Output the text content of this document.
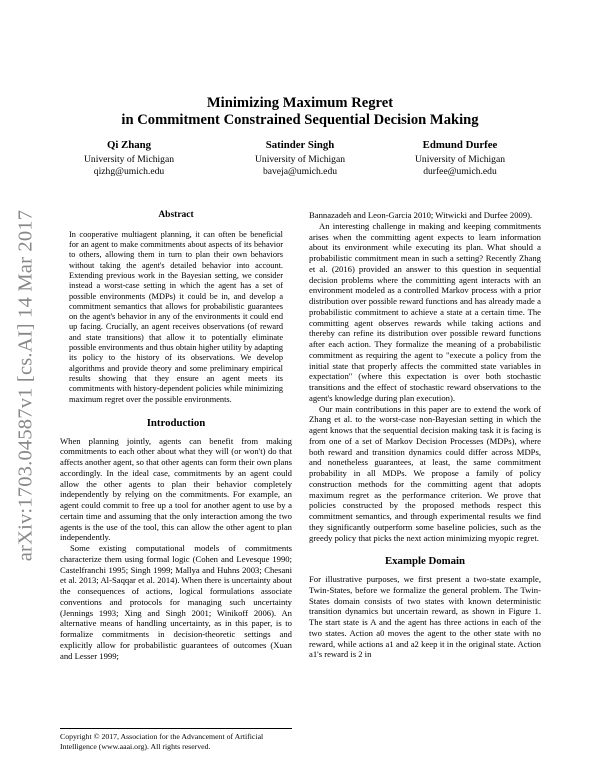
arXiv:1703.04587v1 [cs.AI] 14 Mar 2017
Minimizing Maximum Regret
in Commitment Constrained Sequential Decision Making
Qi Zhang
University of Michigan
qizhg@umich.edu
Satinder Singh
University of Michigan
baveja@umich.edu
Edmund Durfee
University of Michigan
durfee@umich.edu
Abstract

In cooperative multiagent planning, it can often be beneficial for an agent to make commitments about aspects of its behavior to others, allowing them in turn to plan their own behaviors without taking the agent's detailed behavior into account. Extending previous work in the Bayesian setting, we consider instead a worst-case setting in which the agent has a set of possible environments (MDPs) it could be in, and develop a commitment semantics that allows for probabilistic guarantees on the agent's behavior in any of the environments it could end up facing. Crucially, an agent receives observations (of reward and state transitions) that allow it to potentially eliminate possible environments and thus obtain higher utility by adapting its policy to the history of its observations. We develop algorithms and provide theory and some preliminary empirical results showing that they ensure an agent meets its commitments with history-dependent policies while minimizing maximum regret over the possible environments.

Introduction

When planning jointly, agents can benefit from making commitments to each other about what they will (or won't) do that affects another agent, so that other agents can form their own plans accordingly. In the ideal case, commitments by an agent could allow the other agents to plan their behavior completely independently by relying on the commitments. For example, an agent could commit to free up a tool for another agent to use by a certain time and assuming that the only interaction among the two agents is the use of the tool, this can allow the other agent to plan independently.

Some existing computational models of commitments characterize them using formal logic (Cohen and Levesque 1990; Castelfranchi 1995; Singh 1999; Mallya and Huhns 2003; Chesani et al. 2013; Al-Saqqar et al. 2014). When there is uncertainty about the consequences of actions, logical formulations associate conventions and protocols for managing such uncertainty (Jennings 1993; Xing and Singh 2001; Winikoff 2006). An alternative means of handling uncertainty, as in this paper, is to formalize commitments in decision-theoretic settings and explicitly allow for probabilistic guarantees of outcomes (Xuan and Lesser 1999;

Copyright © 2017, Association for the Advancement of Artificial Intelligence (www.aaai.org). All rights reserved.

Bannazadeh and Leon-Garcia 2010; Witwicki and Durfee 2009).

An interesting challenge in making and keeping commitments arises when the committing agent expects to learn information about its environment while executing its plan. What should a probabilistic commitment mean in such a setting? Recently Zhang et al. (2016) provided an answer to this question in sequential decision problems where the committing agent interacts with an environment modeled as a controlled Markov process with a prior distribution over possible reward functions and has already made a probabilistic commitment to achieve a state at a certain time. The committing agent observes rewards while taking actions and thereby can refine its distribution over possible reward functions after each action. They formalize the meaning of a probabilistic commitment as requiring the agent to "execute a policy from the initial state that properly affects the committed state variables in expectation" (where this expectation is over both stochastic transitions and the effect of stochastic reward observations to the agent's knowledge during plan execution).

Our main contributions in this paper are to extend the work of Zhang et al. to the worst-case non-Bayesian setting in which the agent knows that the sequential decision making task it is facing is from one of a set of Markov Decision Processes (MDPs), where both reward and transition dynamics could differ across MDPs, and nonetheless guarantees, at least, the same commitment probability in all MDPs. We propose a family of policy construction methods for the committing agent that adopts maximum regret as the performance criterion. We prove that policies constructed by the proposed methods respect this commitment semantics, and through experimental results we find they significantly outperform some baseline policies, such as the greedy policy that picks the next action minimizing myopic regret.

Example Domain

For illustrative purposes, we first present a two-state example, Twin-States, before we formalize the general problem. The Twin-States domain consists of two states with known deterministic transition dynamics but uncertain reward, as shown in Figure 1. The start state is A and the agent has three actions in each of the two states. Action a0 moves the agent to the other state with no reward, while actions a1 and a2 keep it in the original state. Action a1's reward is 2 in
